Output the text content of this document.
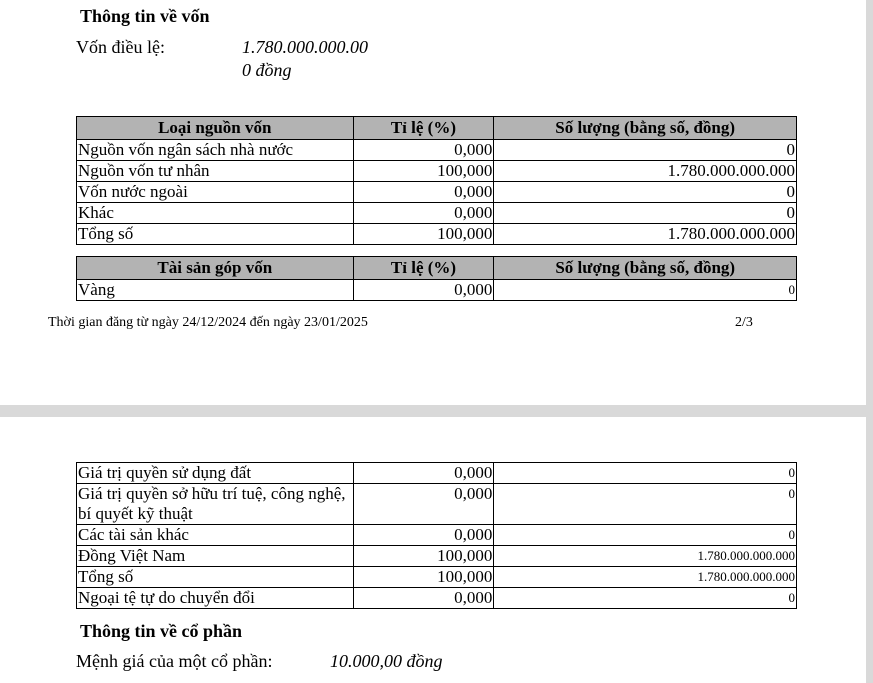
Thông tin về vốn
Vốn điều lệ:	1.780.000.000.00
0 đồng
Loại nguồn vốn	Tỉ lệ (%)	Số lượng (bằng số, đồng)
Nguồn vốn ngân sách nhà nước	0,000	0
Nguồn vốn tư nhân	100,000	1.780.000.000.000
Vốn nước ngoài	0,000	0
Khác	0,000	0
Tổng số	100,000	1.780.000.000.000
Tài sản góp vốn	Tỉ lệ (%)	Số lượng (bằng số, đồng)
Vàng	0,000	0
Thời gian đăng từ ngày 24/12/2024 đến ngày 23/01/2025	2/3
Giá trị quyền sử dụng đất	0,000	0
Giá trị quyền sở hữu trí tuệ, công nghệ, bí quyết kỹ thuật	0,000	0
Các tài sản khác	0,000	0
Đồng Việt Nam	100,000	1.780.000.000.000
Tổng số	100,000	1.780.000.000.000
Ngoại tệ tự do chuyển đổi	0,000	0
Thông tin về cổ phần
Mệnh giá của một cổ phần:	10.000,00 đồng
